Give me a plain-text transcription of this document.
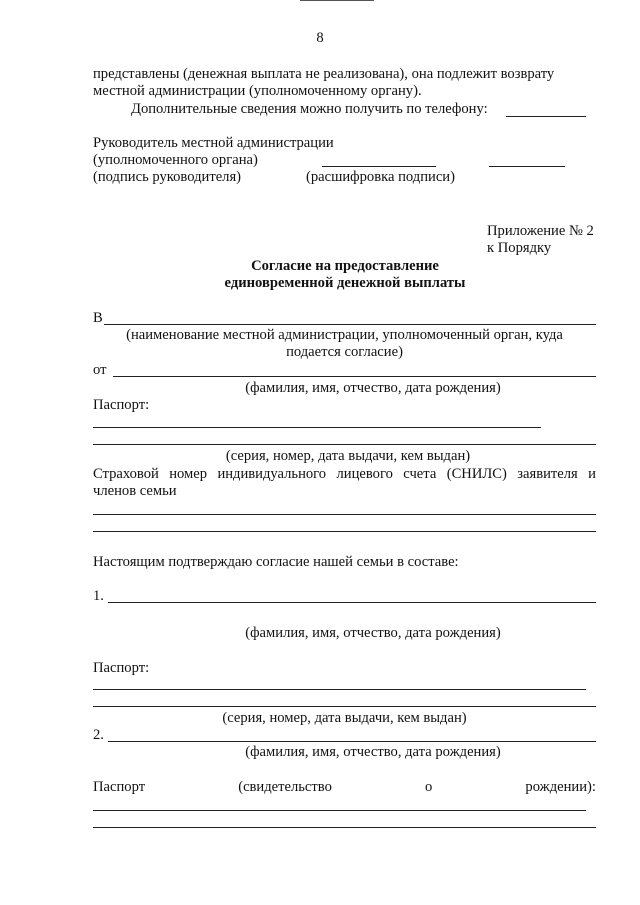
8
представлены (денежная выплата не реализована), она подлежит возврату
местной администрации (уполномоченному органу).
Дополнительные сведения можно получить по телефону:
Руководитель местной администрации
(уполномоченного органа)
(подпись руководителя)	(расшифровка подписи)
Приложение № 2
к Порядку
Согласие на предоставление
единовременной денежной выплаты
В
(наименование местной администрации, уполномоченный орган, куда
подается согласие)
от
(фамилия, имя, отчество, дата рождения)
Паспорт:
(серия, номер, дата выдачи, кем выдан)
Страховой номер индивидуального лицевого счета (СНИЛС) заявителя и
членов семьи
Настоящим подтверждаю согласие нашей семьи в составе:
1.
(фамилия, имя, отчество, дата рождения)
Паспорт:
(серия, номер, дата выдачи, кем выдан)
2.
(фамилия, имя, отчество, дата рождения)
Паспорт	(свидетельство	о	рождении):
